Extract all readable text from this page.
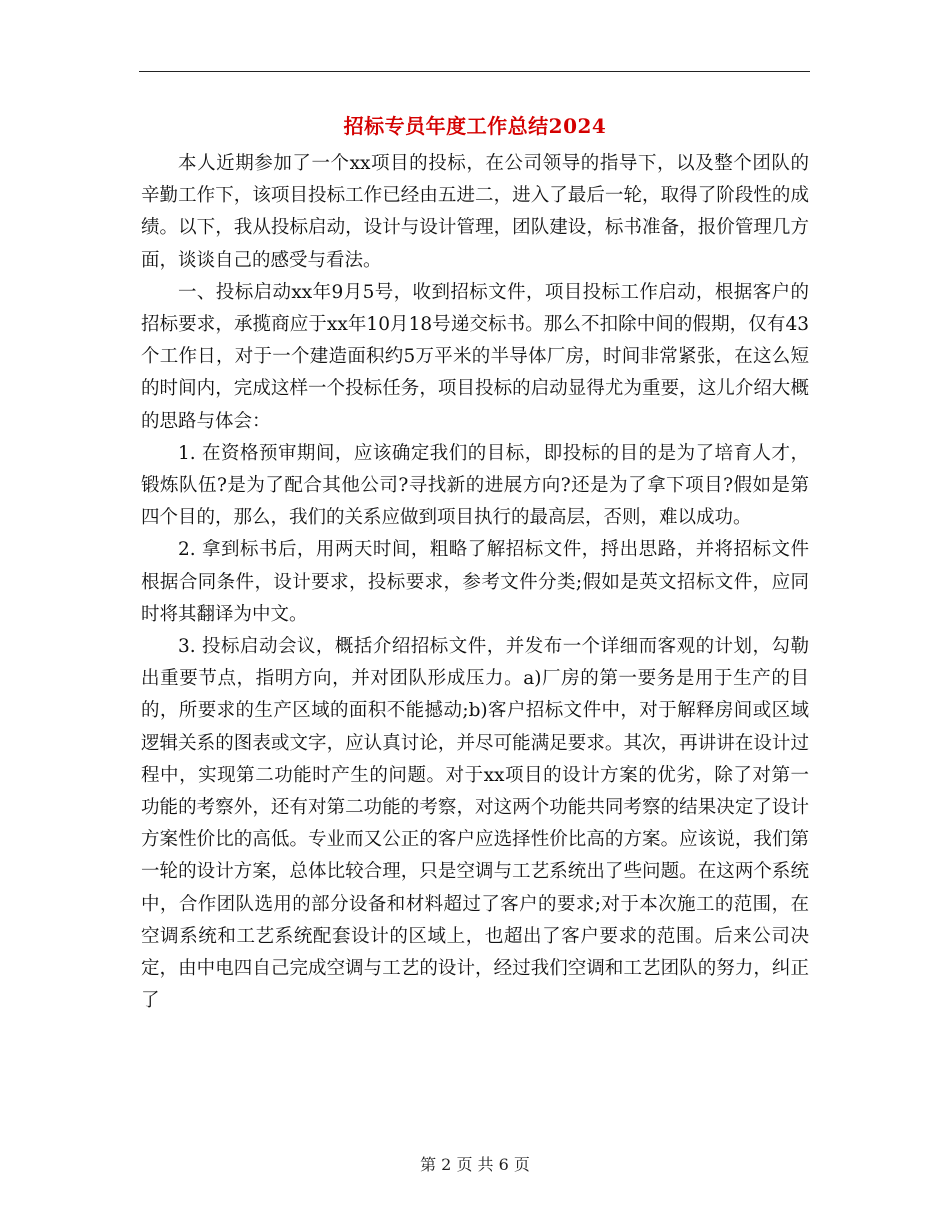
招标专员年度工作总结2024

本人近期参加了一个xx项目的投标，在公司领导的指导下，以及整个团队的辛勤工作下，该项目投标工作已经由五进二，进入了最后一轮，取得了阶段性的成绩。以下，我从投标启动，设计与设计管理，团队建设，标书准备，报价管理几方面，谈谈自己的感受与看法。

一、投标启动xx年9月5号，收到招标文件，项目投标工作启动，根据客户的招标要求，承揽商应于xx年10月18号递交标书。那么不扣除中间的假期，仅有43个工作日，对于一个建造面积约5万平米的半导体厂房，时间非常紧张，在这么短的时间内，完成这样一个投标任务，项目投标的启动显得尤为重要，这儿介绍大概的思路与体会：

1. 在资格预审期间，应该确定我们的目标，即投标的目的是为了培育人才，锻炼队伍?是为了配合其他公司?寻找新的进展方向?还是为了拿下项目?假如是第四个目的，那么，我们的关系应做到项目执行的最高层，否则，难以成功。

2. 拿到标书后，用两天时间，粗略了解招标文件，捋出思路，并将招标文件根据合同条件，设计要求，投标要求，参考文件分类;假如是英文招标文件，应同时将其翻译为中文。

3. 投标启动会议，概括介绍招标文件，并发布一个详细而客观的计划，勾勒出重要节点，指明方向，并对团队形成压力。a)厂房的第一要务是用于生产的目的，所要求的生产区域的面积不能撼动;b)客户招标文件中，对于解释房间或区域逻辑关系的图表或文字，应认真讨论，并尽可能满足要求。其次，再讲讲在设计过程中，实现第二功能时产生的问题。对于xx项目的设计方案的优劣，除了对第一功能的考察外，还有对第二功能的考察，对这两个功能共同考察的结果决定了设计方案性价比的高低。专业而又公正的客户应选择性价比高的方案。应该说，我们第一轮的设计方案，总体比较合理，只是空调与工艺系统出了些问题。在这两个系统中，合作团队选用的部分设备和材料超过了客户的要求;对于本次施工的范围，在空调系统和工艺系统配套设计的区域上，也超出了客户要求的范围。后来公司决定，由中电四自己完成空调与工艺的设计，经过我们空调和工艺团队的努力，纠正了

第 2 页 共 6 页
